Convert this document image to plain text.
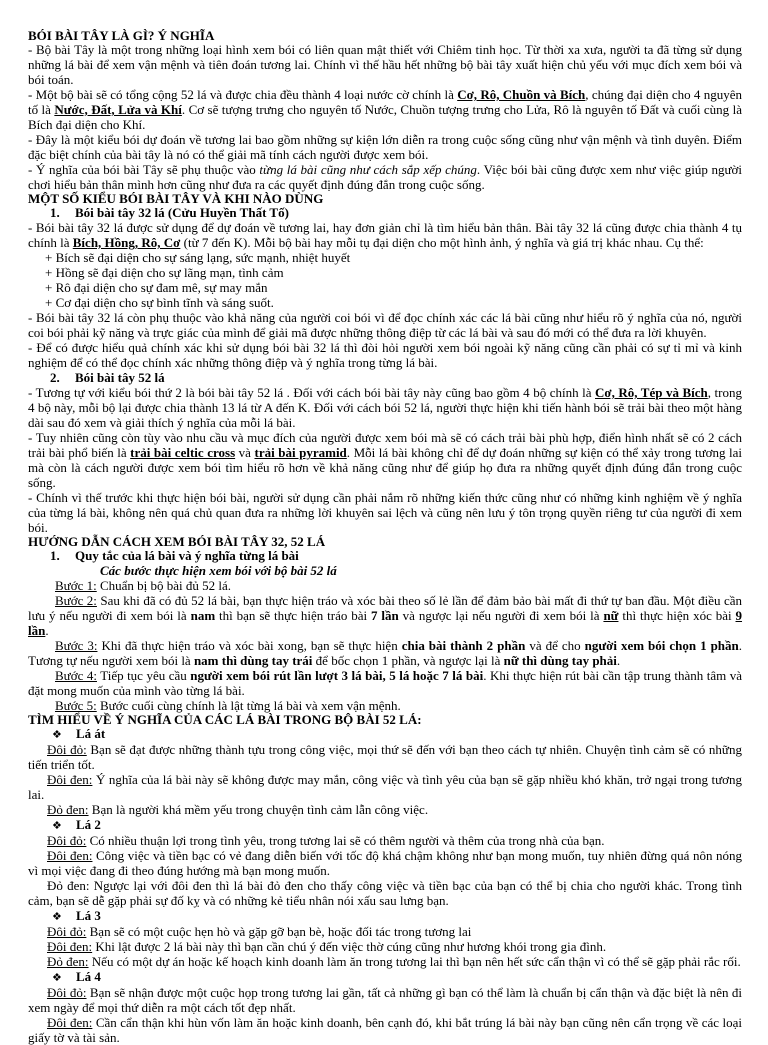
BÓI BÀI TÂY LÀ GÌ? Ý NGHĨA

- Bộ bài Tây là một trong những loại hình xem bói có liên quan mật thiết với Chiêm tinh học. Từ thời xa xưa, người ta đã từng sử dụng những lá bài để xem vận mệnh và tiên đoán tương lai. Chính vì thế hầu hết những bộ bài tây xuất hiện chủ yếu với mục đích xem bói và bói toán.

- Một bộ bài sẽ có tổng cộng 52 lá và được chia đều thành 4 loại nước cờ chính là Cơ, Rô, Chuồn và Bích, chúng đại diện cho 4 nguyên tố là Nước, Đất, Lửa và Khí. Cơ sẽ tượng trưng cho nguyên tố Nước, Chuồn tượng trưng cho Lửa, Rô là nguyên tố Đất và cuối cùng là Bích đại diện cho Khí.

- Đây là một kiểu bói dự đoán về tương lai bao gồm những sự kiện lớn diễn ra trong cuộc sống cũng như vận mệnh và tình duyên. Điểm đặc biệt chính của bài tây là nó có thể giải mã tính cách người được xem bói.

- Ý nghĩa của bói bài Tây sẽ phụ thuộc vào từng lá bài cũng như cách sắp xếp chúng. Việc bói bài cũng được xem như việc giúp người chơi hiểu bản thân mình hơn cũng như đưa ra các quyết định đúng đắn trong cuộc sống.

MỘT SỐ KIỂU BÓI BÀI TÂY VÀ KHI NÀO DÙNG

1. Bói bài tây 32 lá (Cửu Huyền Thất Tố)

- Bói bài tây 32 lá được sử dụng để dự đoán về tương lai, hay đơn giản chỉ là tìm hiểu bản thân. Bài tây 32 lá cũng được chia thành 4 tụ chính là Bích, Hồng, Rô, Cơ (từ 7 đến K). Mỗi bộ bài hay mỗi tụ đại diện cho một hình ảnh, ý nghĩa và giá trị khác nhau. Cụ thể:

+ Bích sẽ đại diện cho sự sáng lạng, sức mạnh, nhiệt huyết

+ Hồng sẽ đại diện cho sự lãng mạn, tình cảm

+ Rô đại diện cho sự đam mê, sự may mắn

+ Cơ đại diện cho sự bình tĩnh và sáng suốt.

- Bói bài tây 32 lá còn phụ thuộc vào khả năng của người coi bói vì để đọc chính xác các lá bài cũng như hiểu rõ ý nghĩa của nó, người coi bói phải kỹ năng và trực giác của mình để giải mã được những thông điệp từ các lá bài và sau đó mới có thể đưa ra lời khuyên.

- Để có được hiểu quả chính xác khi sử dụng bói bài 32 lá thì đòi hỏi người xem bói ngoài kỹ năng cũng cần phải có sự tỉ mỉ và kinh nghiệm để có thể đọc chính xác những thông điệp và ý nghĩa trong từng lá bài.

2. Bói bài tây 52 lá

- Tương tự với kiểu bói thứ 2 là bói bài tây 52 lá . Đối với cách bói bài tây này cũng bao gồm 4 bộ chính là Cơ, Rô, Tép và Bích, trong 4 bộ này, mỗi bộ lại được chia thành 13 lá từ A đến K. Đối với cách bói 52 lá, người thực hiện khi tiến hành bói sẽ trải bài theo một hàng dài sau đó xem và giải thích ý nghĩa của mỗi lá bài.

- Tuy nhiên cũng còn tùy vào nhu cầu và mục đích của người được xem bói mà sẽ có cách trải bài phù hợp, điển hình nhất sẽ có 2 cách trải bài phổ biến là trải bài celtic cross và trải bài pyramid. Mỗi lá bài không chỉ để dự đoán những sự kiện có thể xảy trong tương lai mà còn là cách người được xem bói tìm hiểu rõ hơn về khả năng cũng như để giúp họ đưa ra những quyết định đúng đắn trong cuộc sống.

- Chính vì thế trước khi thực hiện bói bài, người sử dụng cần phải nắm rõ những kiến thức cũng như có những kinh nghiệm về ý nghĩa của từng lá bài, không nên quá chủ quan đưa ra những lời khuyên sai lệch và cũng nên lưu ý tôn trọng quyền riêng tư của người đi xem bói.

HƯỚNG DẪN CÁCH XEM BÓI BÀI TÂY 32, 52 LÁ

1. Quy tắc của lá bài và ý nghĩa từng lá bài

Các bước thực hiện xem bói với bộ bài 52 lá

Bước 1: Chuẩn bị bộ bài đủ 52 lá.

Bước 2: Sau khi đã có đủ 52 lá bài, bạn thực hiện tráo và xóc bài theo số lẻ lần để đảm bảo bài mất đi thứ tự ban đầu. Một điều cần lưu ý nếu người đi xem bói là nam thì bạn sẽ thực hiện tráo bài 7 lần và ngược lại nếu người đi xem bói là nữ thì thực hiện xóc bài 9 lần.

Bước 3: Khi đã thực hiện tráo và xóc bài xong, bạn sẽ thực hiện chia bài thành 2 phần và để cho người xem bói chọn 1 phần. Tương tự nếu người xem bói là nam thì dùng tay trái để bốc chọn 1 phần, và ngược lại là nữ thì dùng tay phải.

Bước 4: Tiếp tục yêu cầu người xem bói rút lần lượt 3 lá bài, 5 lá hoặc 7 lá bài. Khi thực hiện rút bài cần tập trung thành tâm và đặt mong muốn của mình vào từng lá bài.

Bước 5: Bước cuối cùng chính là lật từng lá bài và xem vận mệnh.

TÌM HIỂU VỀ Ý NGHĨA CỦA CÁC LÁ BÀI TRONG BỘ BÀI 52 LÁ:

❖Lá át

Đôi đỏ: Bạn sẽ đạt được những thành tựu trong công việc, mọi thứ sẽ đến với bạn theo cách tự nhiên. Chuyện tình cảm sẽ có những tiến triển tốt.

Đôi đen: Ý nghĩa của lá bài này sẽ không được may mắn, công việc và tình yêu của bạn sẽ gặp nhiều khó khăn, trở ngại trong tương lai.

Đỏ đen: Bạn là người khá mềm yếu trong chuyện tình cảm lẫn công việc.

❖Lá 2

Đôi đỏ: Có nhiều thuận lợi trong tình yêu, trong tương lai sẽ có thêm người và thêm của trong nhà của bạn.

Đôi đen: Công việc và tiền bạc có vẻ đang diễn biến với tốc độ khá chậm không như bạn mong muốn, tuy nhiên đừng quá nôn nóng vì mọi việc đang đi theo đúng hướng mà bạn mong muốn.

Đỏ đen: Ngược lại với đôi đen thì lá bài đỏ đen cho thấy công việc và tiền bạc của bạn có thể bị chia cho người khác. Trong tình cảm, bạn sẽ dễ gặp phải sự đố kỵ và có những kẻ tiểu nhân nói xấu sau lưng bạn.

❖Lá 3

Đôi đỏ: Bạn sẽ có một cuộc hẹn hò và gặp gỡ bạn bè, hoặc đối tác trong tương lai

Đôi đen: Khi lật được 2 lá bài này thì bạn cần chú ý đến việc thờ cúng cũng như hương khói trong gia đình.

Đỏ đen: Nếu có một dự án hoặc kế hoạch kinh doanh làm ăn trong tương lai thì bạn nên hết sức cẩn thận vì có thể sẽ gặp phải rắc rối.

❖Lá 4

Đôi đỏ: Bạn sẽ nhận được một cuộc họp trong tương lai gần, tất cả những gì bạn có thể làm là chuẩn bị cẩn thận và đặc biệt là nên đi xem ngày để mọi thứ diễn ra một cách tốt đẹp nhất.

Đôi đen: Cần cẩn thận khi hùn vốn làm ăn hoặc kinh doanh, bên cạnh đó, khi bắt trúng lá bài này bạn cũng nên cẩn trọng về các loại giấy tờ và tài sản.
